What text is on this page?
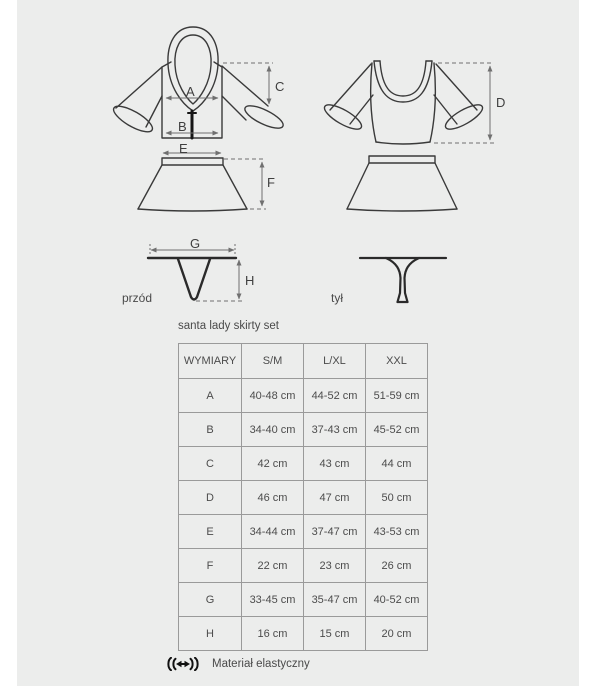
A
B
C
D
E
F
G
H
przód	tył
santa lady skirty set
WYMIARY	S/M	L/XL	XXL
A	40-48 cm	44-52 cm	51-59 cm
B	34-40 cm	37-43 cm	45-52 cm
C	42 cm	43 cm	44 cm
D	46 cm	47 cm	50 cm
E	34-44 cm	37-47 cm	43-53 cm
F	22 cm	23 cm	26 cm
G	33-45 cm	35-47 cm	40-52 cm
H	16 cm	15 cm	20 cm
Materiał elastyczny
